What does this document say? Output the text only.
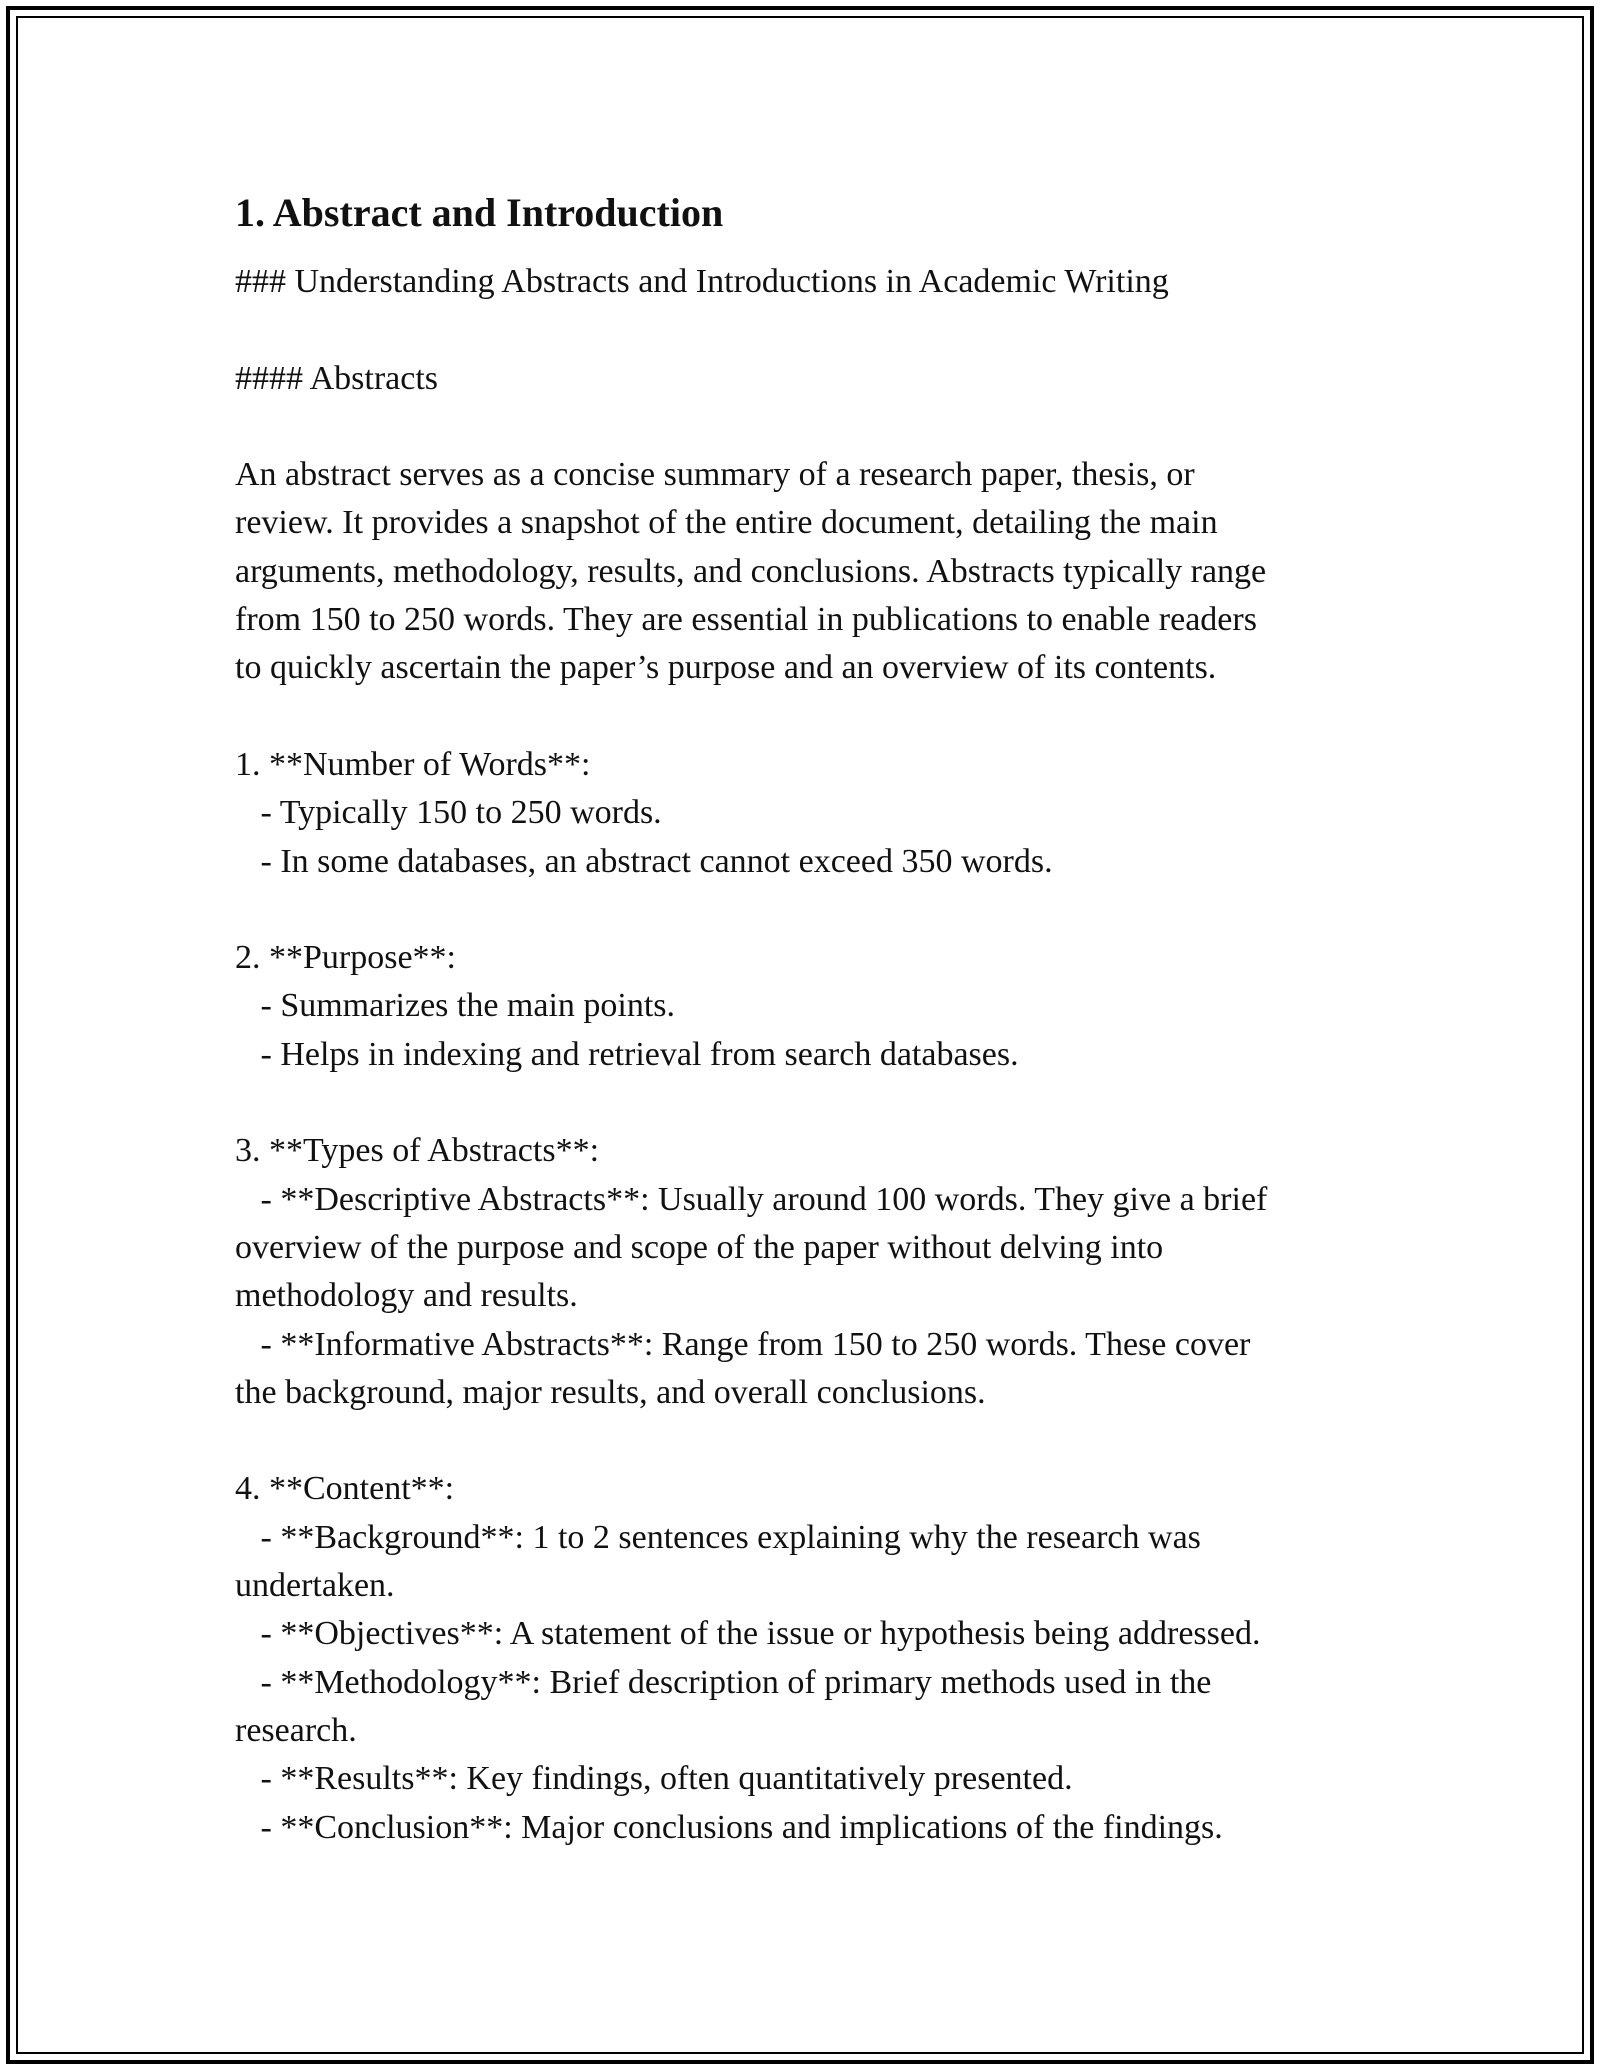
1. Abstract and Introduction

### Understanding Abstracts and Introductions in Academic Writing

#### Abstracts

An abstract serves as a concise summary of a research paper, thesis, or

review. It provides a snapshot of the entire document, detailing the main

arguments, methodology, results, and conclusions. Abstracts typically range

from 150 to 250 words. They are essential in publications to enable readers

to quickly ascertain the paper’s purpose and an overview of its contents.

1. **Number of Words**:

- Typically 150 to 250 words.

- In some databases, an abstract cannot exceed 350 words.

2. **Purpose**:

- Summarizes the main points.

- Helps in indexing and retrieval from search databases.

3. **Types of Abstracts**:

- **Descriptive Abstracts**: Usually around 100 words. They give a brief

overview of the purpose and scope of the paper without delving into

methodology and results.

- **Informative Abstracts**: Range from 150 to 250 words. These cover

the background, major results, and overall conclusions.

4. **Content**:

- **Background**: 1 to 2 sentences explaining why the research was

undertaken.

- **Objectives**: A statement of the issue or hypothesis being addressed.

- **Methodology**: Brief description of primary methods used in the

research.

- **Results**: Key findings, often quantitatively presented.

- **Conclusion**: Major conclusions and implications of the findings.
